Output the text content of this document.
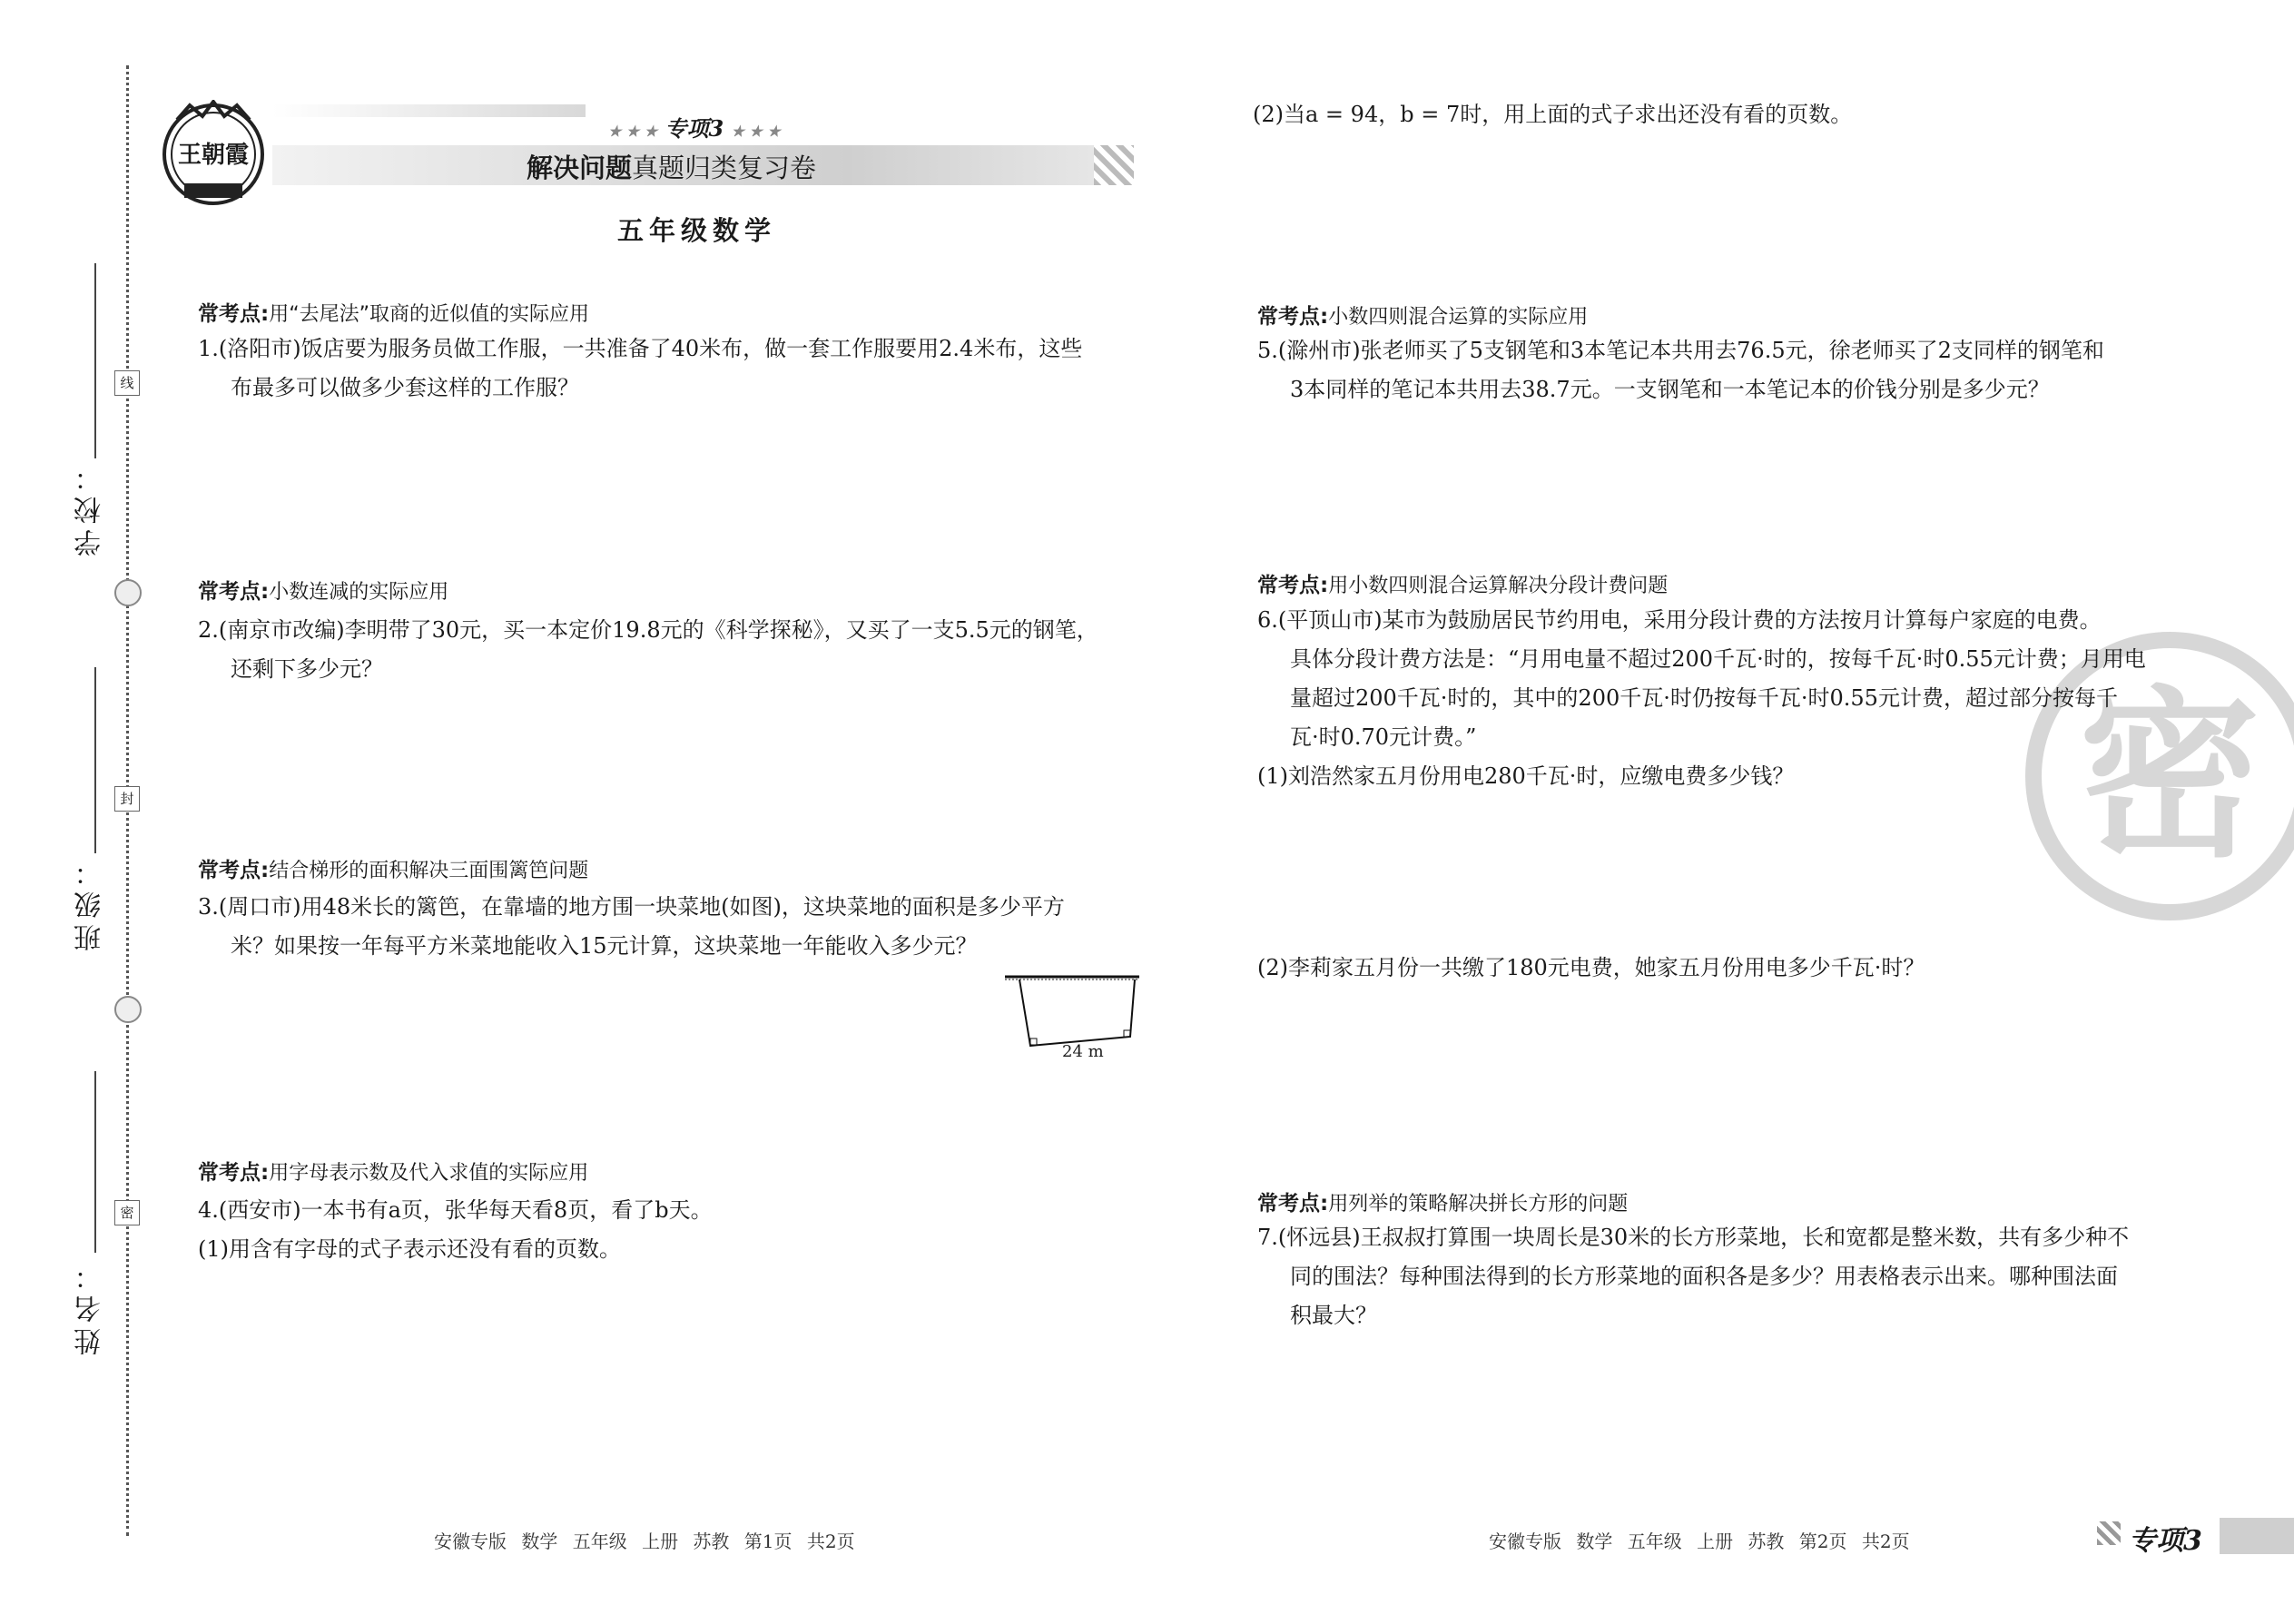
学校：
班级：
姓名：
线
封
密
王朝霞
★ ★ ★ 专项3 ★ ★ ★
解决问题真题归类复习卷
五年级数学
常考点:用“去尾法”取商的近似值的实际应用
1.(洛阳市)饭店要为服务员做工作服，一共准备了40米布，做一套工作服要用2.4米布，这些
布最多可以做多少套这样的工作服？
常考点:小数连减的实际应用
2.(南京市改编)李明带了30元，买一本定价19.8元的《科学探秘》，又买了一支5.5元的钢笔，
还剩下多少元？
常考点:结合梯形的面积解决三面围篱笆问题
3.(周口市)用48米长的篱笆，在靠墙的地方围一块菜地(如图)，这块菜地的面积是多少平方
米？如果按一年每平方米菜地能收入15元计算，这块菜地一年能收入多少元？
24 m
常考点:用字母表示数及代入求值的实际应用
4.(西安市)一本书有a页，张华每天看8页，看了b天。
(1)用含有字母的式子表示还没有看的页数。
安徽专版 数学 五年级 上册 苏教 第1页 共2页
密
(2)当a = 94，b = 7时，用上面的式子求出还没有看的页数。
常考点:小数四则混合运算的实际应用
5.(滁州市)张老师买了5支钢笔和3本笔记本共用去76.5元，徐老师买了2支同样的钢笔和
3本同样的笔记本共用去38.7元。一支钢笔和一本笔记本的价钱分别是多少元？
常考点:用小数四则混合运算解决分段计费问题
6.(平顶山市)某市为鼓励居民节约用电，采用分段计费的方法按月计算每户家庭的电费。
具体分段计费方法是：“月用电量不超过200千瓦·时的，按每千瓦·时0.55元计费；月用电
量超过200千瓦·时的，其中的200千瓦·时仍按每千瓦·时0.55元计费，超过部分按每千
瓦·时0.70元计费。”
(1)刘浩然家五月份用电280千瓦·时，应缴电费多少钱？
(2)李莉家五月份一共缴了180元电费，她家五月份用电多少千瓦·时？
常考点:用列举的策略解决拼长方形的问题
7.(怀远县)王叔叔打算围一块周长是30米的长方形菜地，长和宽都是整米数，共有多少种不
同的围法？每种围法得到的长方形菜地的面积各是多少？用表格表示出来。哪种围法面
积最大？
安徽专版 数学 五年级 上册 苏教 第2页 共2页	专项3
